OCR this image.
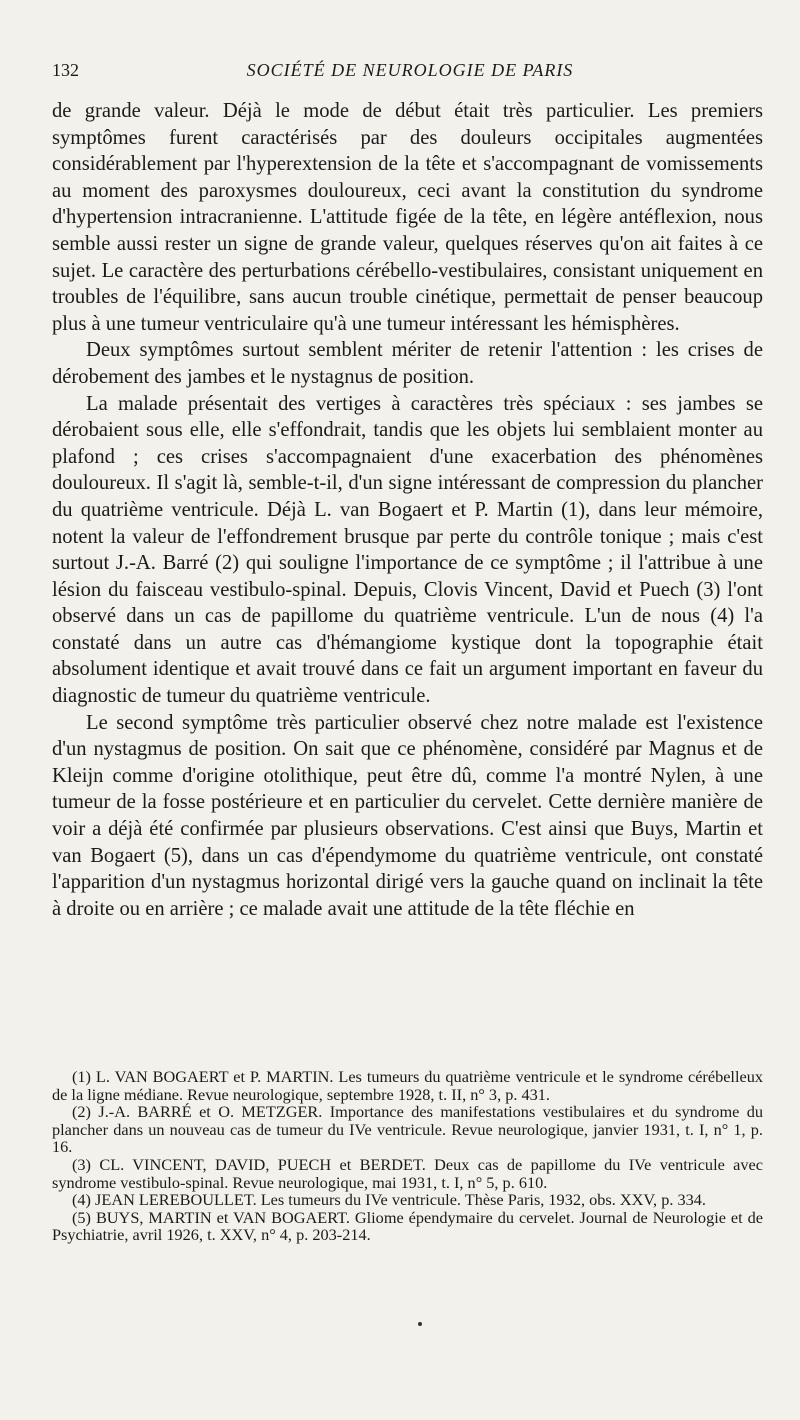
132	SOCIÉTÉ DE NEUROLOGIE DE PARIS

de grande valeur. Déjà le mode de début était très particulier. Les premiers symptômes furent caractérisés par des douleurs occipitales augmentées considérablement par l'hyperextension de la tête et s'accompagnant de vomissements au moment des paroxysmes douloureux, ceci avant la constitution du syndrome d'hypertension intracranienne. L'attitude figée de la tête, en légère antéflexion, nous semble aussi rester un signe de grande valeur, quelques réserves qu'on ait faites à ce sujet. Le caractère des perturbations cérébello-vestibulaires, consistant uniquement en troubles de l'équilibre, sans aucun trouble cinétique, permettait de penser beaucoup plus à une tumeur ventriculaire qu'à une tumeur intéressant les hémisphères.

Deux symptômes surtout semblent mériter de retenir l'attention : les crises de dérobement des jambes et le nystagnus de position.

La malade présentait des vertiges à caractères très spéciaux : ses jambes se dérobaient sous elle, elle s'effondrait, tandis que les objets lui semblaient monter au plafond ; ces crises s'accompagnaient d'une exacerbation des phénomènes douloureux. Il s'agit là, semble-t-il, d'un signe intéressant de compression du plancher du quatrième ventricule. Déjà L. van Bogaert et P. Martin (1), dans leur mémoire, notent la valeur de l'effondrement brusque par perte du contrôle tonique ; mais c'est surtout J.-A. Barré (2) qui souligne l'importance de ce symptôme ; il l'attribue à une lésion du faisceau vestibulo-spinal. Depuis, Clovis Vincent, David et Puech (3) l'ont observé dans un cas de papillome du quatrième ventricule. L'un de nous (4) l'a constaté dans un autre cas d'hémangiome kystique dont la topographie était absolument identique et avait trouvé dans ce fait un argument important en faveur du diagnostic de tumeur du quatrième ventricule.

Le second symptôme très particulier observé chez notre malade est l'existence d'un nystagmus de position. On sait que ce phénomène, considéré par Magnus et de Kleijn comme d'origine otolithique, peut être dû, comme l'a montré Nylen, à une tumeur de la fosse postérieure et en particulier du cervelet. Cette dernière manière de voir a déjà été confirmée par plusieurs observations. C'est ainsi que Buys, Martin et van Bogaert (5), dans un cas d'épendymome du quatrième ventricule, ont constaté l'apparition d'un nystagmus horizontal dirigé vers la gauche quand on inclinait la tête à droite ou en arrière ; ce malade avait une attitude de la tête fléchie en

(1) L. VAN BOGAERT et P. MARTIN. Les tumeurs du quatrième ventricule et le syndrome cérébelleux de la ligne médiane. Revue neurologique, septembre 1928, t. II, n° 3, p. 431.

(2) J.-A. BARRÉ et O. METZGER. Importance des manifestations vestibulaires et du syndrome du plancher dans un nouveau cas de tumeur du IVe ventricule. Revue neurologique, janvier 1931, t. I, n° 1, p. 16.

(3) CL. VINCENT, DAVID, PUECH et BERDET. Deux cas de papillome du IVe ventricule avec syndrome vestibulo-spinal. Revue neurologique, mai 1931, t. I, n° 5, p. 610.

(4) JEAN LEREBOULLET. Les tumeurs du IVe ventricule. Thèse Paris, 1932, obs. XXV, p. 334.

(5) BUYS, MARTIN et VAN BOGAERT. Gliome épendymaire du cervelet. Journal de Neurologie et de Psychiatrie, avril 1926, t. XXV, n° 4, p. 203-214.
